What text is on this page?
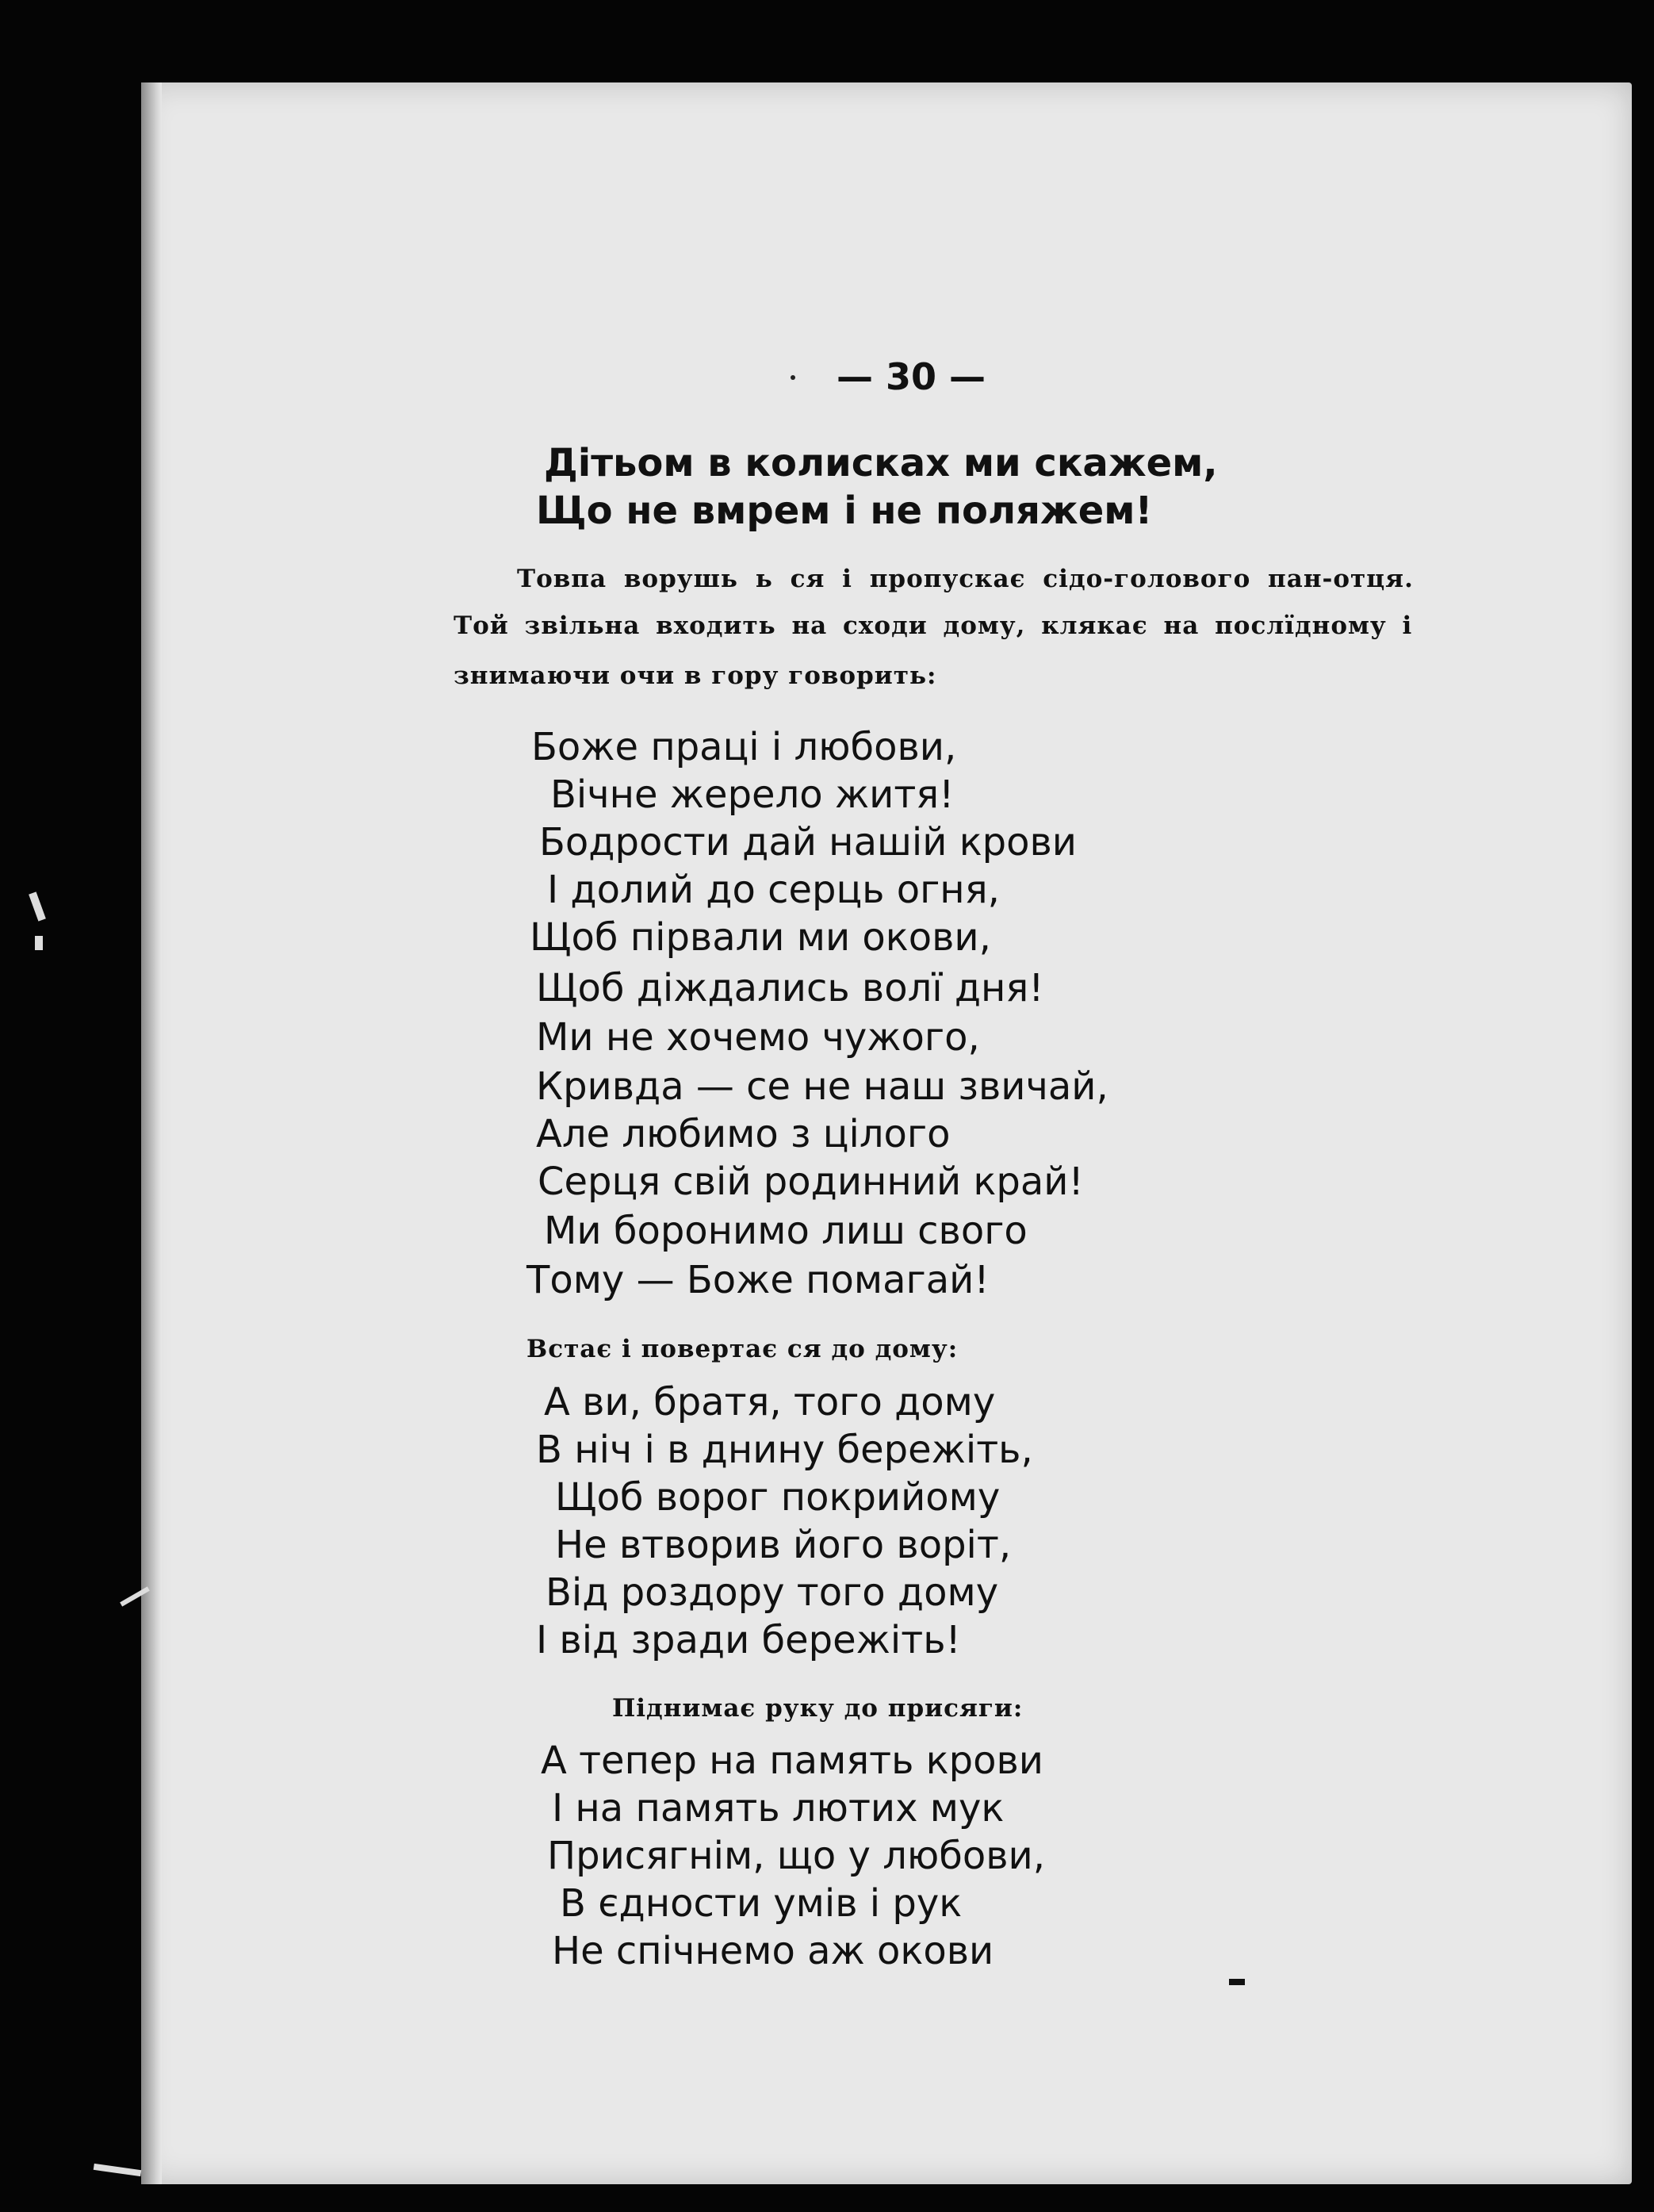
— 30 —
Дітьом в колисках ми скажем,
Що не вмрем і не поляжем!
Товпа ворушь ь ся і пропускає сідо-голового пан-отця.
Той звільна входить на сходи дому, клякає на послїдному і
знимаючи очи в гору говорить:
Боже праці і любови,
Вічне жерело житя!
Бодрости дай нашій крови
І долий до серць огня,
Щоб пірвали ми окови,
Щоб діждались волї дня!
Ми не хочемо чужого,
Кривда — се не наш звичай,
Але любимо з цілого
Серця свій родинний край!
Ми боронимо лиш свого
Тому — Боже помагай!
Встає і повертає ся до дому:
А ви, братя, того дому
В ніч і в днину бережіть,
Щоб ворог покрийому
Не втворив його воріт,
Від роздору того дому
І від зради бережіть!
Піднимає руку до присяги:
А тепер на память крови
І на память лютих мук
Присягнім, що у любови,
В єдности умів і рук
Не спічнемо аж окови
